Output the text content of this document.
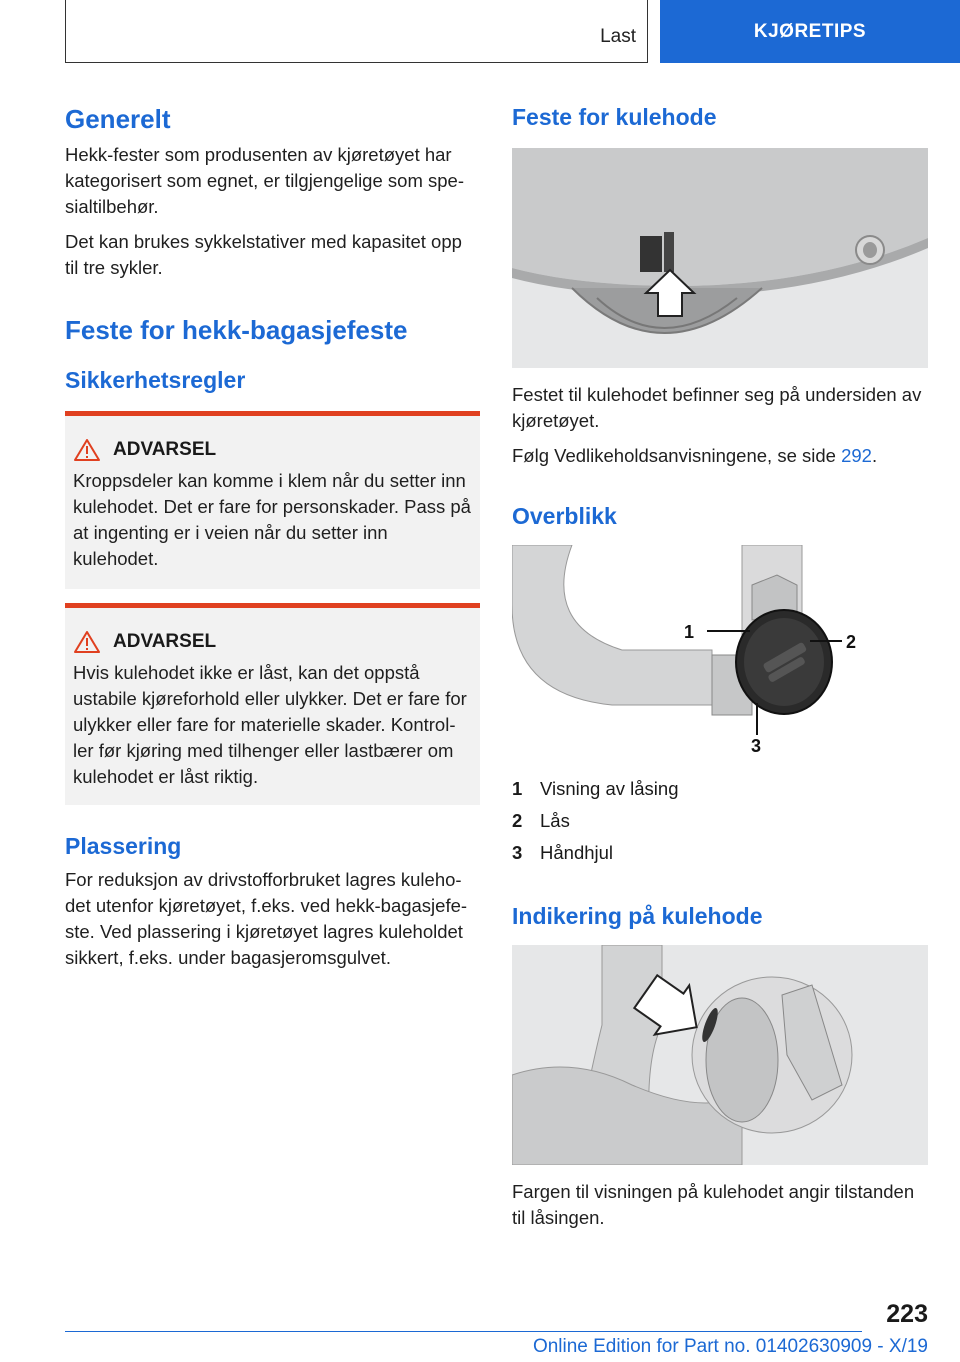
Last	KJØRETIPS
Generelt

Hekk-fester som produsenten av kjøretøyet har kategorisert som egnet, er tilgjengelige som spe-sialtilbehør.

Det kan brukes sykkelstativer med kapasitet opp til tre sykler.

Feste for hekk-bagasjefeste
Sikkerhetsregler
ADVARSEL

Kroppsdeler kan komme i klem når du setter inn kulehodet. Det er fare for personskader. Pass på at ingenting er i veien når du setter inn kulehodet.

ADVARSEL

Hvis kulehodet ikke er låst, kan det oppstå ustabile kjøreforhold eller ulykker. Det er fare for ulykker eller fare for materielle skader. Kontrol-ler før kjøring med tilhenger eller lastbærer om kulehodet er låst riktig.

Plassering

For reduksjon av drivstofforbruket lagres kuleho-det utenfor kjøretøyet, f.eks. ved hekk-bagasjefe-ste. Ved plassering i kjøretøyet lagres kuleholdet sikkert, f.eks. under bagasjeromsgulvet.

Feste for kulehode

Festet til kulehodet befinner seg på undersiden av kjøretøyet.

Følg Vedlikeholdsanvisningene, se side 292.

Overblikk
1	2
3
1 Visning av låsing
2 Lås
3 Håndhjul
Indikering på kulehode

Fargen til visningen på kulehodet angir tilstanden til låsingen.

223
Online Edition for Part no. 01402630909 - X/19
